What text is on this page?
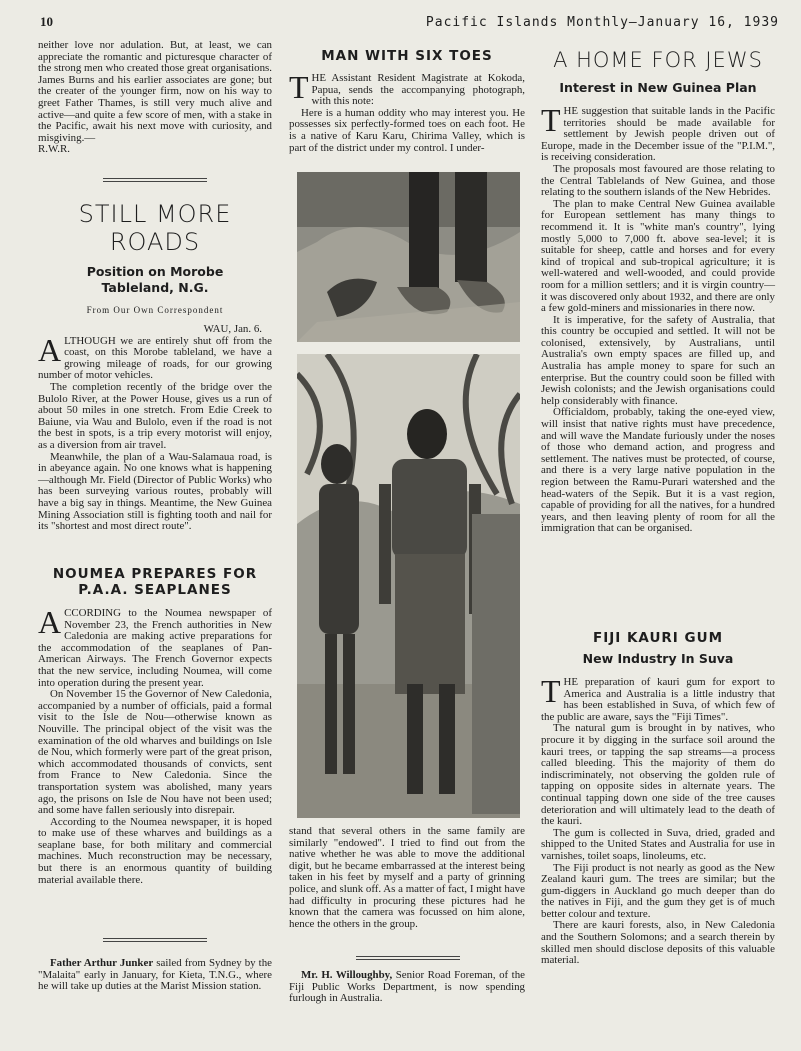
10	Pacific Islands Monthly—January 16, 1939

neither love nor adulation. But, at least, we can appreciate the romantic and picturesque character of the strong men who created those great organisations. James Burns and his earlier associates are gone; but the creater of the younger firm, now on his way to greet Father Thames, is still very much alive and active—and quite a few score of men, with a stake in the Pacific, await his next move with curiosity, and misgiving.—

R.W.R.

STILL MORE ROADS

Position on Morobe Tableland, N.G.

From Our Own Correspondent
WAU, Jan. 6.

ALTHOUGH we are entirely shut off from the coast, on this Morobe tableland, we have a growing mileage of roads, for our growing number of motor vehicles.

The completion recently of the bridge over the Bulolo River, at the Power House, gives us a run of about 50 miles in one stretch. From Edie Creek to Baiune, via Wau and Bulolo, even if the road is not the best in spots, is a trip every motorist will enjoy, as a diversion from air travel.

Meanwhile, the plan of a Wau-Salamaua road, is in abeyance again. No one knows what is happening—although Mr. Field (Director of Public Works) who has been surveying various routes, probably will have a big say in things. Meantime, the New Guinea Mining Association still is fighting tooth and nail for its "shortest and most direct route".

NOUMEA PREPARES FOR P.A.A. SEAPLANES

ACCORDING to the Noumea newspaper of November 23, the French authorities in New Caledonia are making active preparations for the accommodation of the seaplanes of Pan-American Airways. The French Governor expects that the new service, including Noumea, will come into operation during the present year.

On November 15 the Governor of New Caledonia, accompanied by a number of officials, paid a formal visit to the Isle de Nou—otherwise known as Nouville. The principal object of the visit was the examination of the old wharves and buildings on Isle de Nou, which formerly were part of the great prison, which accommodated thousands of convicts, sent from France to New Caledonia. Since the transportation system was abolished, many years ago, the prisons on Isle de Nou have not been used; and some have fallen seriously into disrepair.

According to the Noumea newspaper, it is hoped to make use of these wharves and buildings as a seaplane base, for both military and commercial machines. Much reconstruction may be necessary, but there is an enormous quantity of building material available there.

Father Arthur Junker sailed from Sydney by the "Malaita" early in January, for Kieta, T.N.G., where he will take up duties at the Marist Mission station.

MAN WITH SIX TOES

THE Assistant Resident Magistrate at Kokoda, Papua, sends the accompanying photograph, with this note:

Here is a human oddity who may interest you. He possesses six perfectly-formed toes on each foot. He is a native of Karu Karu, Chirima Valley, which is part of the district under my control. I under-

stand that several others in the same family are similarly "endowed". I tried to find out from the native whether he was able to move the additional digit, but he became embarrassed at the interest being taken in his feet by myself and a party of grinning police, and slunk off. As a matter of fact, I might have had difficulty in procuring these pictures had he known that the camera was focussed on him alone, hence the others in the group.

Mr. H. Willoughby, Senior Road Foreman, of the Fiji Public Works Department, is now spending furlough in Australia.

A HOME FOR JEWS

Interest in New Guinea Plan

THE suggestion that suitable lands in the Pacific territories should be made available for settlement by Jewish people driven out of Europe, made in the December issue of the "P.I.M.", is receiving consideration.

The proposals most favoured are those relating to the Central Tablelands of New Guinea, and those relating to the southern islands of the New Hebrides.

The plan to make Central New Guinea available for European settlement has many things to recommend it. It is "white man's country", lying mostly 5,000 to 7,000 ft. above sea-level; it is suitable for sheep, cattle and horses and for every kind of tropical and sub-tropical agriculture; it is well-watered and well-wooded, and could provide room for a million settlers; and it is virgin country—it was discovered only about 1932, and there are only a few gold-miners and missionaries in there now.

It is imperative, for the safety of Australia, that this country be occupied and settled. It will not be colonised, extensively, by Australians, until Australia's own empty spaces are filled up, and Australia has ample money to spare for such an enterprise. But the country could soon be filled with Jewish colonists; and the Jewish organisations could help considerably with finance.

Officialdom, probably, taking the one-eyed view, will insist that native rights must have precedence, and will wave the Mandate furiously under the noses of those who demand action, and progress and settlement. The natives must be protected, of course, and there is a very large native population in the region between the Ramu-Purari watershed and the head-waters of the Sepik. But it is a vast region, capable of providing for all the natives, for a hundred years, and then leaving plenty of room for all the immigration that can be organised.

FIJI KAURI GUM

New Industry In Suva

THE preparation of kauri gum for export to America and Australia is a little industry that has been established in Suva, of which few of the public are aware, says the "Fiji Times".

The natural gum is brought in by natives, who procure it by digging in the surface soil around the kauri trees, or tapping the sap streams—a process called bleeding. This the majority of them do indiscriminately, not observing the golden rule of tapping on opposite sides in alternate years. The continual tapping down one side of the tree causes deterioration and will ultimately lead to the death of the kauri.

The gum is collected in Suva, dried, graded and shipped to the United States and Australia for use in varnishes, toilet soaps, linoleums, etc.

The Fiji product is not nearly as good as the New Zealand kauri gum. The trees are similar; but the gum-diggers in Auckland go much deeper than do the natives in Fiji, and the gum they get is of much better colour and texture.

There are kauri forests, also, in New Caledonia and the Southern Solomons; and a search therein by skilled men should disclose deposits of this valuable material.
